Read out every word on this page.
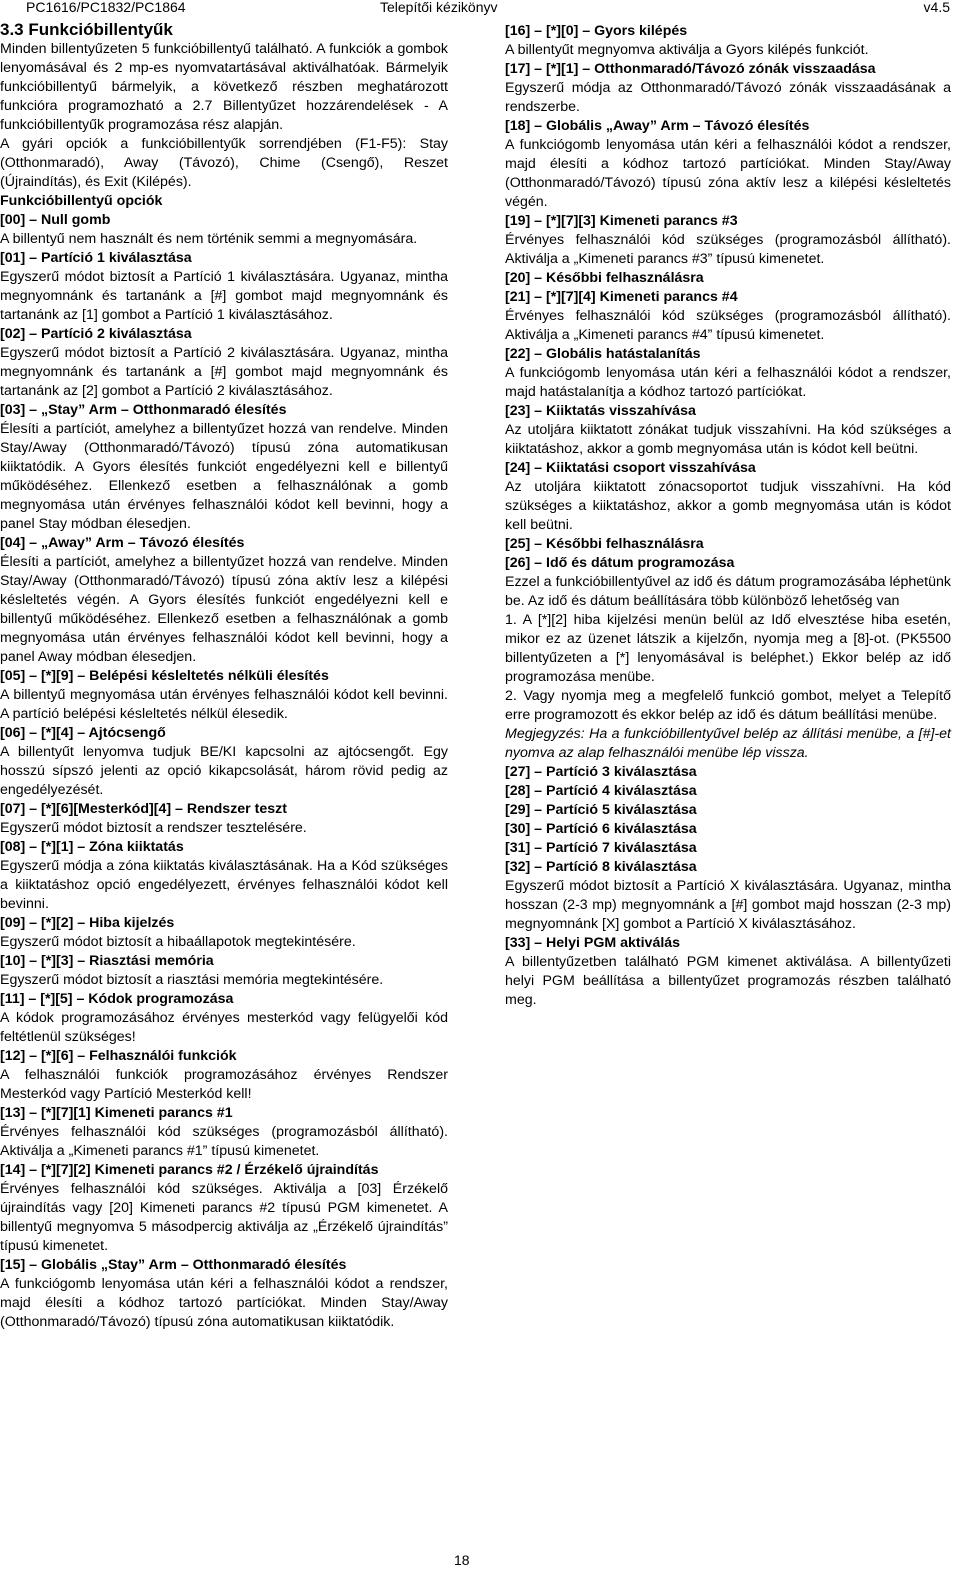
PC1616/PC1832/PC1864	Telepítői kézikönyv	v4.5

3.3 Funkcióbillentyűk

Minden billentyűzeten 5 funkcióbillentyű található. A funkciók a gombok lenyomásával és 2 mp-es nyomvatartásával aktiválhatóak. Bármelyik funkcióbillentyű bármelyik, a következő részben meghatározott funkcióra programozható a 2.7 Billentyűzet hozzárendelések - A funkcióbillentyűk programozása rész alapján.

A gyári opciók a funkcióbillentyűk sorrendjében (F1-F5): Stay (Otthonmaradó), Away (Távozó), Chime (Csengő), Reszet (Újraindítás), és Exit (Kilépés).

Funkcióbillentyű opciók

[00] – Null gomb

A billentyű nem használt és nem történik semmi a megnyomására.

[01] – Partíció 1 kiválasztása

Egyszerű módot biztosít a Partíció 1 kiválasztására. Ugyanaz, mintha megnyomnánk és tartanánk a [#] gombot majd megnyomnánk és tartanánk az [1] gombot a Partíció 1 kiválasztásához.

[02] – Partíció 2 kiválasztása

Egyszerű módot biztosít a Partíció 2 kiválasztására. Ugyanaz, mintha megnyomnánk és tartanánk a [#] gombot majd megnyomnánk és tartanánk az [2] gombot a Partíció 2 kiválasztásához.

[03] – „Stay” Arm – Otthonmaradó élesítés

Élesíti a partíciót, amelyhez a billentyűzet hozzá van rendelve. Minden Stay/Away (Otthonmaradó/Távozó) típusú zóna automatikusan kiiktatódik. A Gyors élesítés funkciót engedélyezni kell e billentyű működéséhez. Ellenkező esetben a felhasználónak a gomb megnyomása után érvényes felhasználói kódot kell bevinni, hogy a panel Stay módban élesedjen.

[04] – „Away” Arm – Távozó élesítés

Élesíti a partíciót, amelyhez a billentyűzet hozzá van rendelve. Minden Stay/Away (Otthonmaradó/Távozó) típusú zóna aktív lesz a kilépési késleltetés végén. A Gyors élesítés funkciót engedélyezni kell e billentyű működéséhez. Ellenkező esetben a felhasználónak a gomb megnyomása után érvényes felhasználói kódot kell bevinni, hogy a panel Away módban élesedjen.

[05] – [*][9] – Belépési késleltetés nélküli élesítés

A billentyű megnyomása után érvényes felhasználói kódot kell bevinni. A partíció belépési késleltetés nélkül élesedik.

[06] – [*][4] – Ajtócsengő

A billentyűt lenyomva tudjuk BE/KI kapcsolni az ajtócsengőt. Egy hosszú sípszó jelenti az opció kikapcsolását, három rövid pedig az engedélyezését.

[07] – [*][6][Mesterkód][4] – Rendszer teszt

Egyszerű módot biztosít a rendszer tesztelésére.

[08] – [*][1] – Zóna kiiktatás

Egyszerű módja a zóna kiiktatás kiválasztásának. Ha a Kód szükséges a kiiktatáshoz opció engedélyezett, érvényes felhasználói kódot kell bevinni.

[09] – [*][2] – Hiba kijelzés

Egyszerű módot biztosít a hibaállapotok megtekintésére.

[10] – [*][3] – Riasztási memória

Egyszerű módot biztosít a riasztási memória megtekintésére.

[11] – [*][5] – Kódok programozása

A kódok programozásához érvényes mesterkód vagy felügyelői kód feltétlenül szükséges!

[12] – [*][6] – Felhasználói funkciók

A felhasználói funkciók programozásához érvényes Rendszer Mesterkód vagy Partíció Mesterkód kell!

[13] – [*][7][1] Kimeneti parancs #1

Érvényes felhasználói kód szükséges (programozásból állítható). Aktiválja a „Kimeneti parancs #1” típusú kimenetet.

[14] – [*][7][2] Kimeneti parancs #2 / Érzékelő újraindítás

Érvényes felhasználói kód szükséges. Aktiválja a [03] Érzékelő újraindítás vagy [20] Kimeneti parancs #2 típusú PGM kimenetet. A billentyű megnyomva 5 másodpercig aktiválja az „Érzékelő újraindítás” típusú kimenetet.

[15] – Globális „Stay” Arm – Otthonmaradó élesítés

A funkciógomb lenyomása után kéri a felhasználói kódot a rendszer, majd élesíti a kódhoz tartozó partíciókat. Minden Stay/Away (Otthonmaradó/Távozó) típusú zóna automatikusan kiiktatódik.

[16] – [*][0] – Gyors kilépés

A billentyűt megnyomva aktiválja a Gyors kilépés funkciót.

[17] – [*][1] – Otthonmaradó/Távozó zónák visszaadása

Egyszerű módja az Otthonmaradó/Távozó zónák visszaadásának a rendszerbe.

[18] – Globális „Away” Arm – Távozó élesítés

A funkciógomb lenyomása után kéri a felhasználói kódot a rendszer, majd élesíti a kódhoz tartozó partíciókat. Minden Stay/Away (Otthonmaradó/Távozó) típusú zóna aktív lesz a kilépési késleltetés végén.

[19] – [*][7][3] Kimeneti parancs #3

Érvényes felhasználói kód szükséges (programozásból állítható). Aktiválja a „Kimeneti parancs #3” típusú kimenetet.

[20] – Későbbi felhasználásra

[21] – [*][7][4] Kimeneti parancs #4

Érvényes felhasználói kód szükséges (programozásból állítható). Aktiválja a „Kimeneti parancs #4” típusú kimenetet.

[22] – Globális hatástalanítás

A funkciógomb lenyomása után kéri a felhasználói kódot a rendszer, majd hatástalanítja a kódhoz tartozó partíciókat.

[23] – Kiiktatás visszahívása

Az utoljára kiiktatott zónákat tudjuk visszahívni. Ha kód szükséges a kiiktatáshoz, akkor a gomb megnyomása után is kódot kell beütni.

[24] – Kiiktatási csoport visszahívása

Az utoljára kiiktatott zónacsoportot tudjuk visszahívni. Ha kód szükséges a kiiktatáshoz, akkor a gomb megnyomása után is kódot kell beütni.

[25] – Későbbi felhasználásra

[26] – Idő és dátum programozása

Ezzel a funkcióbillentyűvel az idő és dátum programozásába léphetünk be. Az idő és dátum beállítására több különböző lehetőség van

1. A [*][2] hiba kijelzési menün belül az Idő elvesztése hiba esetén, mikor ez az üzenet látszik a kijelzőn, nyomja meg a [8]-ot. (PK5500 billentyűzeten a [*] lenyomásával is beléphet.) Ekkor belép az idő programozása menübe.

2. Vagy nyomja meg a megfelelő funkció gombot, melyet a Telepítő erre programozott és ekkor belép az idő és dátum beállítási menübe.

Megjegyzés: Ha a funkcióbillentyűvel belép az állítási menübe, a [#]-et nyomva az alap felhasználói menübe lép vissza.

[27] – Partíció 3 kiválasztása

[28] – Partíció 4 kiválasztása

[29] – Partíció 5 kiválasztása

[30] – Partíció 6 kiválasztása

[31] – Partíció 7 kiválasztása

[32] – Partíció 8 kiválasztása

Egyszerű módot biztosít a Partíció X kiválasztására. Ugyanaz, mintha hosszan (2-3 mp) megnyomnánk a [#] gombot majd hosszan (2-3 mp) megnyomnánk [X] gombot a Partíció X kiválasztásához.

[33] – Helyi PGM aktiválás

A billentyűzetben található PGM kimenet aktiválása. A billentyűzeti helyi PGM beállítása a billentyűzet programozás részben található meg.

18
